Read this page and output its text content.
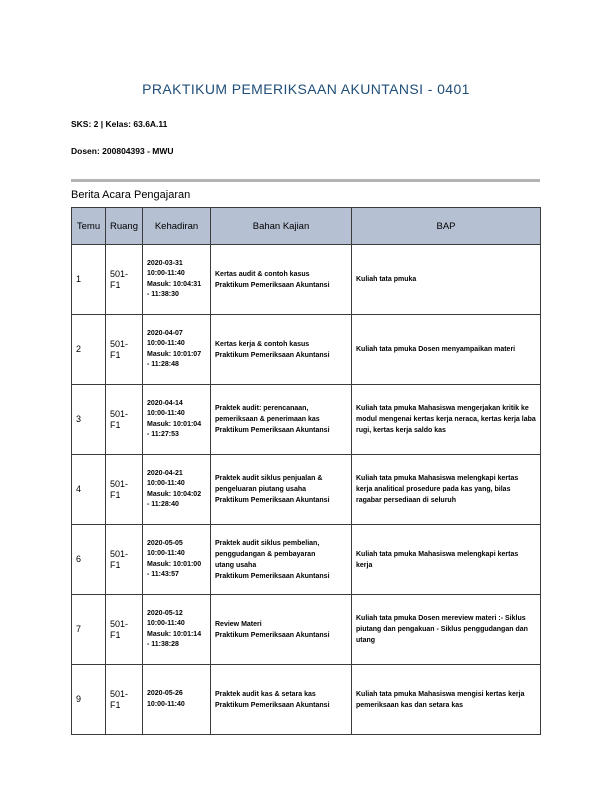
PRAKTIKUM PEMERIKSAAN AKUNTANSI - 0401
SKS: 2 | Kelas: 63.6A.11
Dosen: 200804393 - MWU
Berita Acara Pengajaran
Temu	Ruang	Kehadiran	Bahan Kajian	BAP
1	501-F1	2020-03-31
10:00-11:40
Masuk: 10:04:31
- 11:38:30	Kertas audit & contoh kasus
Praktikum Pemeriksaan Akuntansi	Kuliah tata pmuka

2	501-F1	2020-04-07
10:00-11:40
Masuk: 10:01:07
- 11:28:48	Kertas kerja & contoh kasus
Praktikum Pemeriksaan Akuntansi	Kuliah tata pmuka Dosen menyampaikan materi

3	501-F1	2020-04-14
10:00-11:40
Masuk: 10:01:04
- 11:27:53	Praktek audit: perencanaan,
pemeriksaan & penerimaan kas
Praktikum Pemeriksaan Akuntansi	Kuliah tata pmuka Mahasiswa mengerjakan kritik ke modul mengenai kertas kerja neraca, kertas kerja laba rugi, kertas kerja saldo kas

4	501-F1	2020-04-21
10:00-11:40
Masuk: 10:04:02
- 11:28:40	Praktek audit siklus penjualan &
pengeluaran piutang usaha
Praktikum Pemeriksaan Akuntansi	Kuliah tata pmuka Mahasiswa melengkapi kertas kerja analitical prosedure pada kas yang, bilas ragabar persediaan di seluruh

6	501-F1	2020-05-05
10:00-11:40
Masuk: 10:01:00
- 11:43:57	Praktek audit siklus pembelian,
penggudangan & pembayaran
utang usaha
Praktikum Pemeriksaan Akuntansi	Kuliah tata pmuka Mahasiswa melengkapi kertas kerja

7	501-F1	2020-05-12
10:00-11:40
Masuk: 10:01:14
- 11:38:28	Review Materi
Praktikum Pemeriksaan Akuntansi	Kuliah tata pmuka Dosen mereview materi :- Siklus piutang dan pengakuan - Siklus penggudangan dan utang

9	501-F1	2020-05-26
10:00-11:40	Praktek audit kas & setara kas
Praktikum Pemeriksaan Akuntansi	Kuliah tata pmuka Mahasiswa mengisi kertas kerja pemeriksaan kas dan setara kas
